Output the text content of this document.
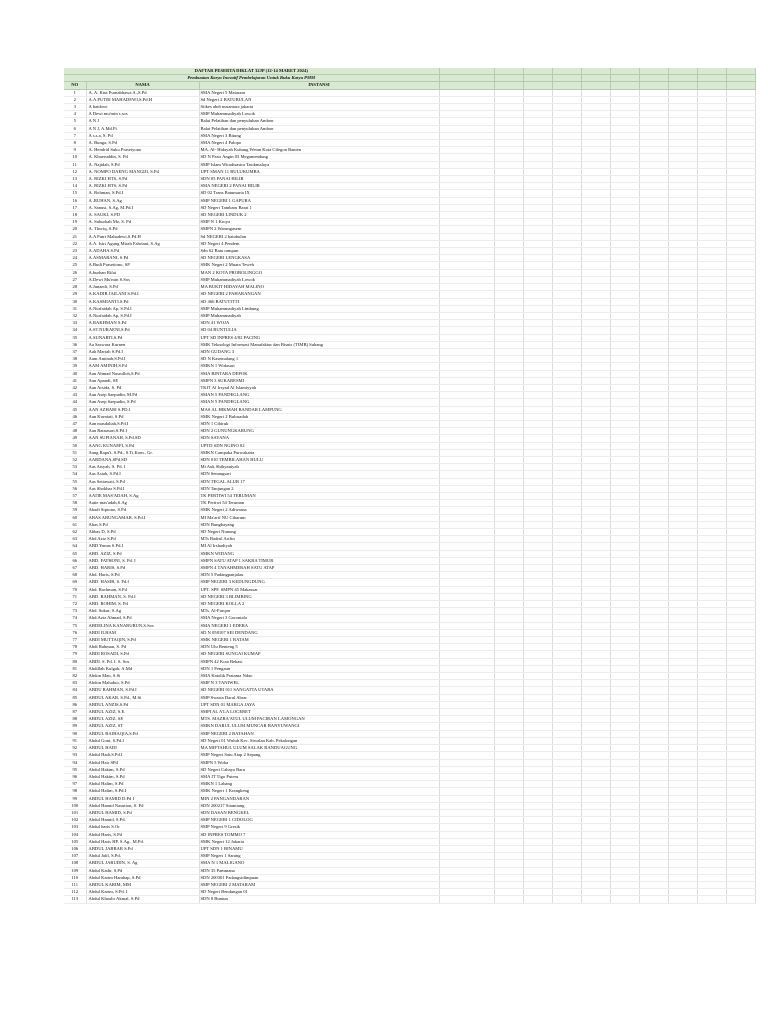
DAFTAR PESERTA DIKLAT 32JP (12-14 MARET 2024)												
Pembuatan Karya Inovatif Pembelajaran Untuk Buku Karya PMM												
NO	NAMA	INSTANSI										
1	A. A. Ktut Purnabhawa A.,S.Pd	SMA Negeri 5 Mataram										
2	A.A.PUTRI MAHADEWI,S.Pd.H	Sd Negeri 2 BATUBULAN										
3	A baidowi	Stikes abdi nusantara jakarta										
4	A Dewi mu'min s.sos	SMP Muhammadiyah Lowok										
5	A N J	Balai Pelatihan dan penyuluhan Ambon										
6	A N J, A.Md.Pi	Balai Pelatihan dan penyuluhan Ambon										
7	A s.s.a, S. Pd	SMA Negeri 3 Bitung										
8	A. Bunga, S.Pd	SMA Negeri 4 Palopo										
9	A. Hendrid Suko Prasetyono	MA. Al- Hidayah Kubang Wetan Kota Cilegon Banten										
10	A. Khaeruddin, S. Pd	SD N Pasir Angin 03 Megamendung										
11	A. Najidah, S.Pd	SMP Islam Wiradisastra Tasikmalaya										
12	A. NOMPO DAENG MANGIJI, S.Pd	UPT SMAN 11 BULUKUMBA										
13	A. RIZKI HTS, S.Pd	SDN 05 PANAI HILIR										
14	A. RIZKI HTS, S.Pd	SMA NEGERI 2 PANAI HILIR										
15	A. Rohman, S.Pd.I	SD 02 Trans Batumarta IX										
16	A .RUHAN, S.Ag	SMP NEGERI 1 GAPURA										
17	A. Sanusi, S.Ag, M.Pd.I	SD Negeri Tambaru Barat 1										
18	A. SAUKI, S.PD	SD NEGERI LINDUK 2										
19	A. Suhurkah Mz, S. Pd	SMP N 1 Kroya										
20	A. Thoriq, S.Pd	SMPN 2 Warungasem										
21	A.A Putri Mahadewi,S.Pd.H	Sd NEGERI 2 batubulan										
22	A.A. Istri Agung Mirah Fahriani, S.Ag	SD Negeri 4 Pendem										
23	A.ADAHA S.Pd	Sdn 62 Batu rampun										
24	A.ASMARANI, S.Pd	SD NEGERI LENGKASA										
25	A.Budi Prasetiono, SP	SMK Negeri 2 Muara Teweh										
26	A.burhan Rifai	MAN 2 KOTA PROBOLINGGO										
27	A.Dewi Mu'min S.Sos	SMP Muhammadiyah Lowok										
28	A.Junaedi, S.Pd	MA BUKIT HIDAYAH MALINO										
29	A.KADIR JAILANI S.Pd.I	SD NEGERI 2 PAHARANGAN										
30	A.KASMIANTI.S.Pd	SD 466 BATUTITTI										
31	A.Nurfaidah Ap, S.Pd.I	SMP Muhammadiyah Limbung										
32	A.Nurfaidah Ap, S.Pd.I	SMP Muhammadiyah										
33	A.RAKHMAN S.Pd	SDN 41 WOJA										
34	A.ST.NURAENI,S.Pd	SD 04 BUNTULIA										
35	A.SUNARTI,S.Pd	UPT SD INPRES 4/82 PACING										
36	Aa Saswara Kurnen	SMK Teknologi Informasi Manufaktur dan Bisnis (TIMB) Subang										
37	Aah Mariah S.Pd.I	SDN GUDANG 3										
38	Aam Aminah,S.Pd.I	SD N Kasemalang 1										
39	AAM AMINIH,S.Pd	SMKN 1 Widasari										
40	Aan Ahmad Nasrulloh,S.Pd	SMA BINTARA DEPOK										
41	Aan Apandi, SE	SMPN 3 SUKARESMI										
42	Aan Arsida, S. Pd	TKIT Al Irsyad Al Islamiyyah										
43	Aan Asep Saepudin, M.Pd	SMAN 5 PANDEGLANG										
44	Aan Asep Saepudin, S.Pd	SMAN 5 PANDEGLANG										
45	AAN AZHARI S.PD.I	MAS AL HIKMAH BANDAR LAMPUNG										
46	Aan Kurniati, S.Pd	SMK Negeri 2 Bulusadah										
47	Aan masdaliah,S.Pd.I	SDN 1 Cibiruk										
48	Aan Ratnasari,S.Pd.I	SDN 2 GUNUNGKARUNG										
49	AAN SUPIANAH, S.Pd.SD	SDN SAYANA										
50	AANG KUNAEFI, S.Pd	UPTD SDN NGINO 02										
51	Aang Rapu'i, S.Pd., S.Ti.Kom., Gr.	SMKN Campaka Purwakarta										
52	AARDANA,SPd.SD	SDN 010 TEMBILAHAN HULU										
53	Aas Aisyah, S. Pd. I	Mi Auk Shihyaniyah										
54	Aas Asiah, S.Pd.I	SDN Senangsari										
55	Aas Setiawati, S.Pd	SDN TEGAL ALUR 17										
56	Aas Shokhar S.Pd.I	SDN Tanjungan 2										
57	AATIE MAS'ADAH, S.Ag	TK PERTIWI 54 TERUMAN										
58	Aatie mas'adah,S.Ag	TK Pertiwi 54 Teruman										
59	Abadi Siptono, S.Pd	SMK Negeri 2 Adiwarna										
60	ABAS ABUNGAMAR, S.Pd.I	MI Ma'arif NU Cibarum										
61	Abas S.Pd	SDN Bungbayang										
62	Abbas D, S.Pd	SD Negeri Nunung										
63	Abd Aziz S.Pd	MTs Badrul Arifin										
64	ABD Yunus S.Pd.I	MI Al Irshadiyah										
65	ABD. AZIZ, S.Pd	SMKN WIDANG										
66	ABD. FATHONI, S. Pd. I	SMPN SATU ATAP 1 SAKRA TIMUR										
67	ABD. HARIS, S.Pd	SMPN 4 TANAHMERAH SATU ATAP										
68	Abd. Haris, S.Pd	SDN 5 Padangpanjalau										
69	ABD. HASIB, S. Pd.I	SMP NEGERI 3 KEDUNGDUNG										
70	Abd. Rachman, S.Pd	UPT. SPF. SMPN 45 Makassar										
71	ABD. RAHMAN, S. Pd.I	SD NEGERI 3 BLIMBING										
72	ABD. ROHIM, S. Pd	SD NEGERI KOLLA 2										
73	Abd. Sukur, S.Ag	MTs. Al-Furqon										
74	Abd.Aziz Ahmad, S.Pd	SMA Negeri 3 Gorontalo										
75	ABDELINA KANARUBUN,S.Sos	SMA NEGERI 1 EDERA										
76	ABDI ILHAM	SD N 058107 SEI DENDANG										
77	ABDI MUTTAQIN, S.Pd	SMK NEGERI 1 BATAM										
78	Abdi Rahman, S. Pd	SDN Ulu Benteng 5										
79	ABDI ROSADI, S.Pd	SD NEGERI SUNGAI KUMAP										
80	ABDI. S. Pd. I. S. Sos	SMPN 42 Kota Bekasi										
81	Abdillah Kulgah, A.Md	SDN 1 Pengaun										
82	Abdon Mau, S.Si	SMA Katolik Pratama Ndao										
83	Abdon Maluduo, S.Pd	SMP N 3 TANIWEL										
84	ABDU RAHMAN, S.Pd.I	SD NEGERI 011 SANGATTA UTARA										
85	ABDUL AKAR, S.Pd., M.Si	SMP Swasta Darul Abrar										
86	ABDUL ANZIS,S.Pd	UPT SDN 01 MARGA JAYA										
87	ABDUL AZIZ, S.E.	SMPI AL A'LA LOCERET										
88	ABDUL AZIZ, SE	MTS. MAZRA'ATUL ULUM PACIRAN LAMONGAN										
89	ABDUL AZIZ, ST	SMKN DARUL ULUM MUNCAR BANYUWANGI										
90	ABDUL BAIHAQIA,S.Pd	SMP NEGERI 2 BATAHAN										
91	Abdul Goni, S.Pd.I	SD Negeri 01 Wuluh Kec. Siwalan Kab. Pekalongan										
92	ABDUL HADI	MA MIFTAHUL ULUM SALAK RANDUAGUNG										
93	Abdul Hadi,S.Pd.I	SMP Negeri Satu Atap 2 Sepang										
94	Abdul Hair SPd	SMPN 5 Woha										
95	Abdul Hakim, S.Pd	SD Negeri Cahaya Baru										
96	Abdul Hakim, S.Pd	SMA IT Tigo Puteru										
97	Abdul Halim, S.Pd	SMKN 1 Labang										
98	Abdul Halim, S.Pd.I	SMK Negeri 1 Krangkeng										
99	ABDUL HAMID D.Pd I	MIN 2 PANGANDARAN										
100	Abdul Hamid Nasution, S. Pd	SDN 200217 Sitamiang										
101	ABDUL HAMID, S.Pd	SDN DASAN BENGKEL										
102	Abdul Hamid, S.Pd.	SMP NEGERI 1 CIDOLOG										
103	Abdul haris S.Or	SMP Negeri 9 Gresik										
104	Abdul Haris, S.Pd	SD INPRES TOMMO 7										
105	Abdul Haris HP, S.Ag., M.Pd.	SMK Negeri 12 Jakarta										
106	ABDUL JABBAR S.Pd	UPT SDN 1 BINAMU										
107	Abdul Jalil, S.Pd.	SMP Negeri 1 Sarang										
108	ABDUL JARUDIN, S. Ag	SMA N 1 MALIGANO										
109	Abdul Kadir, S.Pd	SDN 35 Pammana										
110	Abdul Karim Harahap, S.Pd	SDN 200301 Padangsidimpuan										
111	ABDUL KARIM, MM	SMP NEGERI 2 MATARAM										
112	Abdul Karim, S.Pd. I	SD Negeri Bendungan 01										
113	Abdul Khoalir Akmal, S.Pd	SDN 8 Buntun										
